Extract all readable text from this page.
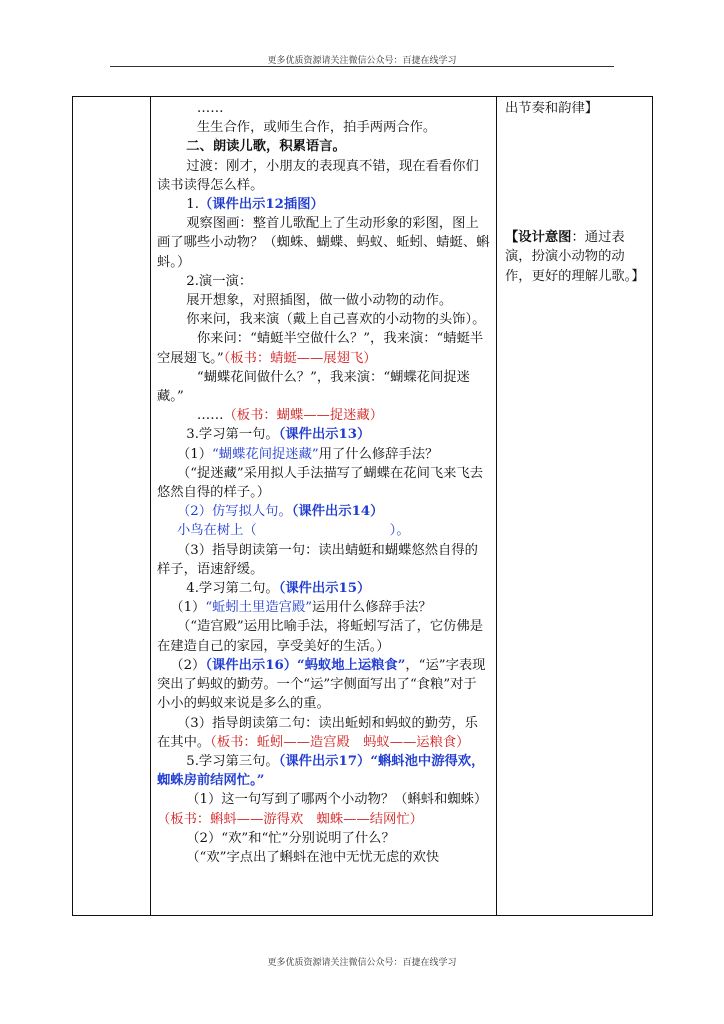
更多优质资源请关注微信公众号：百捷在线学习

……

生生合作，或师生合作，拍手两两合作。

二、朗读儿歌，积累语言。

过渡：刚才，小朋友的表现真不错，现在看看你们读书读得怎么样。

1.（课件出示12插图）

观察图画：整首儿歌配上了生动形象的彩图，图上画了哪些小动物？（蜘蛛、蝴蝶、蚂蚁、蚯蚓、蜻蜓、蝌蚪。）

2.演一演：

展开想象，对照插图，做一做小动物的动作。

你来问，我来演（戴上自己喜欢的小动物的头饰）。

你来问：“蜻蜓半空做什么？”，我来演：“蜻蜓半空展翅飞。”（板书：蜻蜓——展翅飞）

“蝴蝶花间做什么？”，我来演：“蝴蝶花间捉迷藏。”

……（板书：蝴蝶——捉迷藏）

3.学习第一句。（课件出示13）

（1）“蝴蝶花间捉迷藏”用了什么修辞手法？

（“捉迷藏”采用拟人手法描写了蝴蝶在花间飞来飞去悠然自得的样子。）

（2）仿写拟人句。（课件出示14）

小鸟在树上（　　　　　　　　　　）。

（3）指导朗读第一句：读出蜻蜓和蝴蝶悠然自得的样子，语速舒缓。

4.学习第二句。（课件出示15）

（1）“蚯蚓土里造宫殿”运用什么修辞手法？

（“造宫殿”运用比喻手法，将蚯蚓写活了，它仿佛是在建造自己的家园，享受美好的生活。）

（2）（课件出示16）“蚂蚁地上运粮食”，“运”字表现突出了蚂蚁的勤劳。一个“运”字侧面写出了“食粮”对于小小的蚂蚁来说是多么的重。

（3）指导朗读第二句：读出蚯蚓和蚂蚁的勤劳，乐在其中。（板书：蚯蚓——造宫殿　蚂蚁——运粮食）

5.学习第三句。（课件出示17）“蝌蚪池中游得欢，蜘蛛房前结网忙。”

（1）这一句写到了哪两个小动物？（蝌蚪和蜘蛛）（板书：蝌蚪——游得欢　蜘蛛——结网忙）

（2）“欢”和“忙”分别说明了什么？

（“欢”字点出了蝌蚪在池中无忧无虑的欢快

出节奏和韵律】

【设计意图：通过表演，扮演小动物的动作，更好的理解儿歌。】

更多优质资源请关注微信公众号：百捷在线学习
